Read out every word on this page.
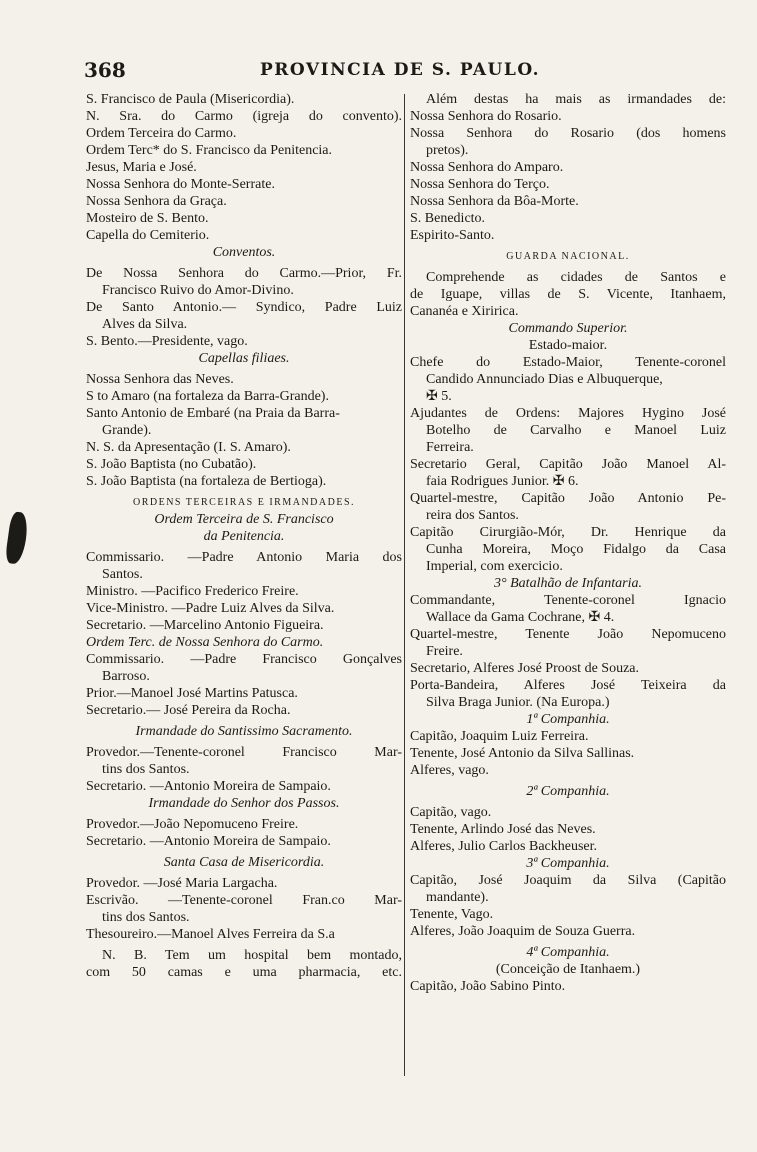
368	PROVINCIA DE S. PAULO.
S. Francisco de Paula (Misericordia).
N. Sra. do Carmo (igreja do convento).
Ordem Terceira do Carmo.
Ordem Terc* do S. Francisco da Penitencia.
Jesus, Maria e José.
Nossa Senhora do Monte-Serrate.
Nossa Senhora da Graça.
Mosteiro de S. Bento.
Capella do Cemiterio.
Conventos.
De Nossa Senhora do Carmo.—Prior, Fr.
Francisco Ruivo do Amor-Divino.
De Santo Antonio.— Syndico, Padre Luiz
Alves da Silva.
S. Bento.—Presidente, vago.
Capellas filiaes.
Nossa Senhora das Neves.
S to Amaro (na fortaleza da Barra-Grande).
Santo Antonio de Embaré (na Praia da Barra-
Grande).
N. S. da Apresentação (I. S. Amaro).
S. João Baptista (no Cubatão).
S. João Baptista (na fortaleza de Bertioga).
ORDENS TERCEIRAS E IRMANDADES.
Ordem Terceira de S. Francisco
da Penitencia.
Commissario. —Padre Antonio Maria dos
Santos.
Ministro. —Pacifico Frederico Freire.
Vice-Ministro. —Padre Luiz Alves da Silva.
Secretario. —Marcelino Antonio Figueira.
Ordem Terc. de Nossa Senhora do Carmo.
Commissario. —Padre Francisco Gonçalves
Barroso.
Prior.—Manoel José Martins Patusca.
Secretario.— José Pereira da Rocha.
Irmandade do Santissimo Sacramento.
Provedor.—Tenente-coronel Francisco Mar-
tins dos Santos.
Secretario. —Antonio Moreira de Sampaio.
Irmandade do Senhor dos Passos.
Provedor.—João Nepomuceno Freire.
Secretario. —Antonio Moreira de Sampaio.
Santa Casa de Misericordia.
Provedor. —José Maria Largacha.
Escrivão. —Tenente-coronel Fran.co Mar-
tins dos Santos.
Thesoureiro.—Manoel Alves Ferreira da S.a
N. B. Tem um hospital bem montado,
com 50 camas e uma pharmacia, etc.
Além destas ha mais as irmandades de:
Nossa Senhora do Rosario.
Nossa Senhora do Rosario (dos homens
pretos).
Nossa Senhora do Amparo.
Nossa Senhora do Terço.
Nossa Senhora da Bôa-Morte.
S. Benedicto.
Espirito-Santo.
GUARDA NACIONAL.
Comprehende as cidades de Santos e
de Iguape, villas de S. Vicente, Itanhaem,
Cananéa e Xiririca.
Commando Superior.
Estado-maior.
Chefe do Estado-Maior, Tenente-coronel
Candido Annunciado Dias e Albuquerque,
✠ 5.
Ajudantes de Ordens: Majores Hygino José
Botelho de Carvalho e Manoel Luiz
Ferreira.
Secretario Geral, Capitão João Manoel Al-
faia Rodrigues Junior. ✠ 6.
Quartel-mestre, Capitão João Antonio Pe-
reira dos Santos.
Capitão Cirurgião-Mór, Dr. Henrique da
Cunha Moreira, Moço Fidalgo da Casa
Imperial, com exercicio.
3° Batalhão de Infantaria.
Commandante, Tenente-coronel Ignacio
Wallace da Gama Cochrane, ✠ 4.
Quartel-mestre, Tenente João Nepomuceno
Freire.
Secretario, Alferes José Proost de Souza.
Porta-Bandeira, Alferes José Teixeira da
Silva Braga Junior. (Na Europa.)
1ª Companhia.
Capitão, Joaquim Luiz Ferreira.
Tenente, José Antonio da Silva Sallinas.
Alferes, vago.
2ª Companhia.
Capitão, vago.
Tenente, Arlindo José das Neves.
Alferes, Julio Carlos Backheuser.
3ª Companhia.
Capitão, José Joaquim da Silva (Capitão
mandante).
Tenente, Vago.
Alferes, João Joaquim de Souza Guerra.
4ª Companhia.
(Conceição de Itanhaem.)
Capitão, João Sabino Pinto.
